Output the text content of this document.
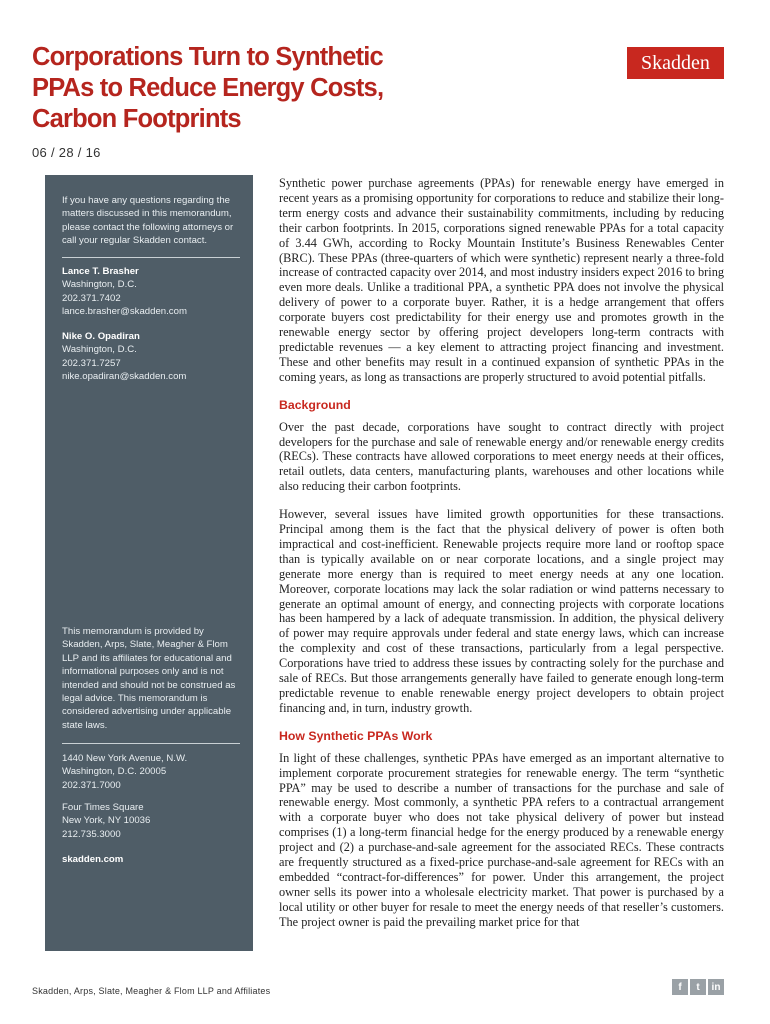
Corporations Turn to Synthetic
PPAs to Reduce Energy Costs,
Carbon Footprints
Skadden
06 / 28 / 16
If you have any questions regarding the matters discussed in this memorandum, please contact the following attorneys or call your regular Skadden contact.
Lance T. Brasher
Washington, D.C.
202.371.7402
lance.brasher@skadden.com
Nike O. Opadiran
Washington, D.C.
202.371.7257
nike.opadiran@skadden.com
This memorandum is provided by Skadden, Arps, Slate, Meagher & Flom LLP and its affiliates for educational and informational purposes only and is not intended and should not be construed as legal advice. This memorandum is considered advertising under applicable state laws.
1440 New York Avenue, N.W.
Washington, D.C. 20005
202.371.7000
Four Times Square
New York, NY 10036
212.735.3000
skadden.com

Synthetic power purchase agreements (PPAs) for renewable energy have emerged in recent years as a promising opportunity for corporations to reduce and stabilize their long-term energy costs and advance their sustainability commitments, including by reducing their carbon footprints. In 2015, corporations signed renewable PPAs for a total capacity of 3.44 GWh, according to Rocky Mountain Institute’s Business Renewables Center (BRC). These PPAs (three-quarters of which were synthetic) represent nearly a three-fold increase of contracted capacity over 2014, and most industry insiders expect 2016 to bring even more deals. Unlike a traditional PPA, a synthetic PPA does not involve the physical delivery of power to a corporate buyer. Rather, it is a hedge arrangement that offers corporate buyers cost predictability for their energy use and promotes growth in the renewable energy sector by offering project developers long-term contracts with predictable revenues — a key element to attracting project financing and investment. These and other benefits may result in a continued expansion of synthetic PPAs in the coming years, as long as transactions are properly structured to avoid potential pitfalls.

Background

Over the past decade, corporations have sought to contract directly with project developers for the purchase and sale of renewable energy and/or renewable energy credits (RECs). These contracts have allowed corporations to meet energy needs at their offices, retail outlets, data centers, manufacturing plants, warehouses and other locations while also reducing their carbon footprints.

However, several issues have limited growth opportunities for these transactions. Principal among them is the fact that the physical delivery of power is often both impractical and cost-inefficient. Renewable projects require more land or rooftop space than is typically available on or near corporate locations, and a single project may generate more energy than is required to meet energy needs at any one location. Moreover, corporate locations may lack the solar radiation or wind patterns necessary to generate an optimal amount of energy, and connecting projects with corporate locations has been hampered by a lack of adequate transmission. In addition, the physical delivery of power may require approvals under federal and state energy laws, which can increase the complexity and cost of these transactions, particularly from a legal perspective. Corporations have tried to address these issues by contracting solely for the purchase and sale of RECs. But those arrangements generally have failed to generate enough long-term predictable revenue to enable renewable energy project developers to obtain project financing and, in turn, industry growth.

How Synthetic PPAs Work

In light of these challenges, synthetic PPAs have emerged as an important alternative to implement corporate procurement strategies for renewable energy. The term “synthetic PPA” may be used to describe a number of transactions for the purchase and sale of renewable energy. Most commonly, a synthetic PPA refers to a contractual arrangement with a corporate buyer who does not take physical delivery of power but instead comprises (1) a long-term financial hedge for the energy produced by a renewable energy project and (2) a purchase-and-sale agreement for the associated RECs. These contracts are frequently structured as a fixed-price purchase-and-sale agreement for RECs with an embedded “contract-for-differences” for power. Under this arrangement, the project owner sells its power into a wholesale electricity market. That power is purchased by a local utility or other buyer for resale to meet the energy needs of that reseller’s customers. The project owner is paid the prevailing market price for that

Skadden, Arps, Slate, Meagher & Flom LLP and Affiliates	f	t	in
